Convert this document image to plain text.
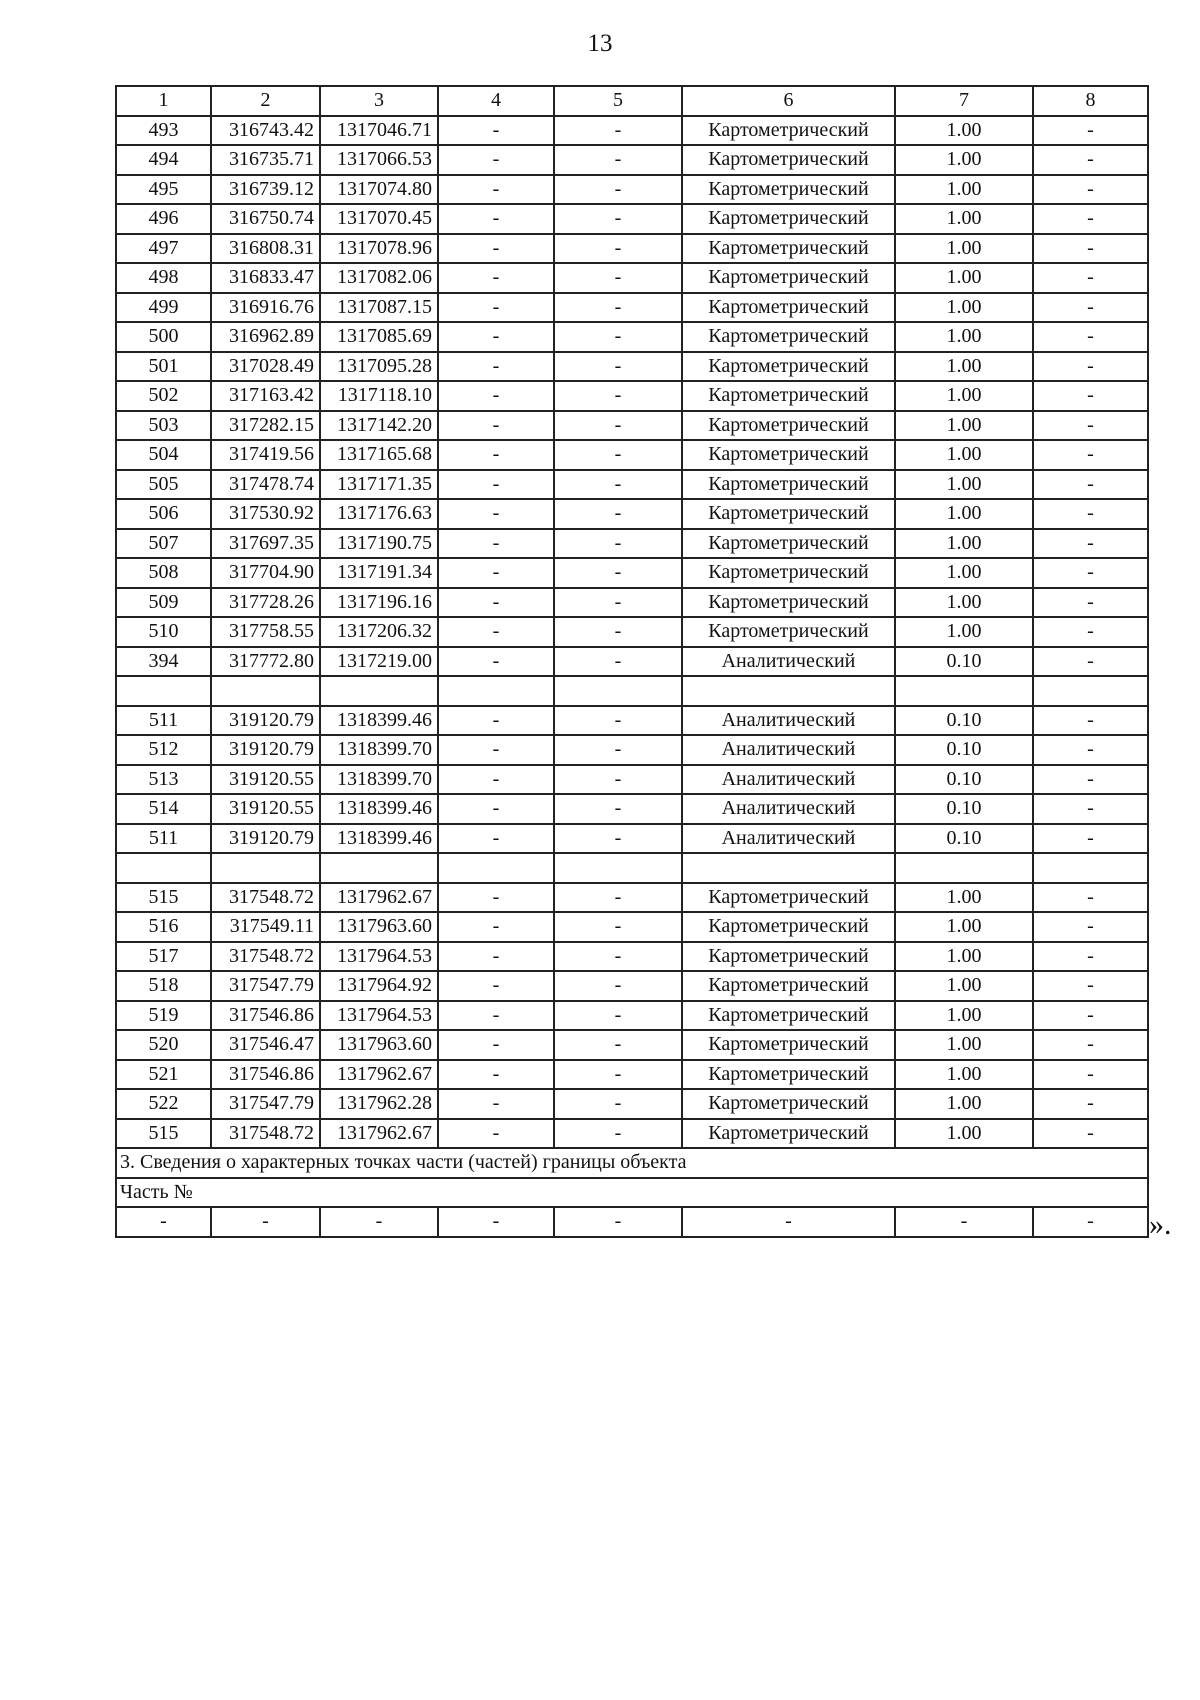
13
1	2	3	4	5	6	7	8
493	316743.42	1317046.71	-	-	Картометрический	1.00	-
494	316735.71	1317066.53	-	-	Картометрический	1.00	-
495	316739.12	1317074.80	-	-	Картометрический	1.00	-
496	316750.74	1317070.45	-	-	Картометрический	1.00	-
497	316808.31	1317078.96	-	-	Картометрический	1.00	-
498	316833.47	1317082.06	-	-	Картометрический	1.00	-
499	316916.76	1317087.15	-	-	Картометрический	1.00	-
500	316962.89	1317085.69	-	-	Картометрический	1.00	-
501	317028.49	1317095.28	-	-	Картометрический	1.00	-
502	317163.42	1317118.10	-	-	Картометрический	1.00	-
503	317282.15	1317142.20	-	-	Картометрический	1.00	-
504	317419.56	1317165.68	-	-	Картометрический	1.00	-
505	317478.74	1317171.35	-	-	Картометрический	1.00	-
506	317530.92	1317176.63	-	-	Картометрический	1.00	-
507	317697.35	1317190.75	-	-	Картометрический	1.00	-
508	317704.90	1317191.34	-	-	Картометрический	1.00	-
509	317728.26	1317196.16	-	-	Картометрический	1.00	-
510	317758.55	1317206.32	-	-	Картометрический	1.00	-
394	317772.80	1317219.00	-	-	Аналитический	0.10	-

511	319120.79	1318399.46	-	-	Аналитический	0.10	-
512	319120.79	1318399.70	-	-	Аналитический	0.10	-
513	319120.55	1318399.70	-	-	Аналитический	0.10	-
514	319120.55	1318399.46	-	-	Аналитический	0.10	-
511	319120.79	1318399.46	-	-	Аналитический	0.10	-

515	317548.72	1317962.67	-	-	Картометрический	1.00	-
516	317549.11	1317963.60	-	-	Картометрический	1.00	-
517	317548.72	1317964.53	-	-	Картометрический	1.00	-
518	317547.79	1317964.92	-	-	Картометрический	1.00	-
519	317546.86	1317964.53	-	-	Картометрический	1.00	-
520	317546.47	1317963.60	-	-	Картометрический	1.00	-
521	317546.86	1317962.67	-	-	Картометрический	1.00	-
522	317547.79	1317962.28	-	-	Картометрический	1.00	-
515	317548.72	1317962.67	-	-	Картометрический	1.00	-
3. Сведения о характерных точках части (частей) границы объекта							
Часть №							
-	-	-	-	-	-	-	- ».
